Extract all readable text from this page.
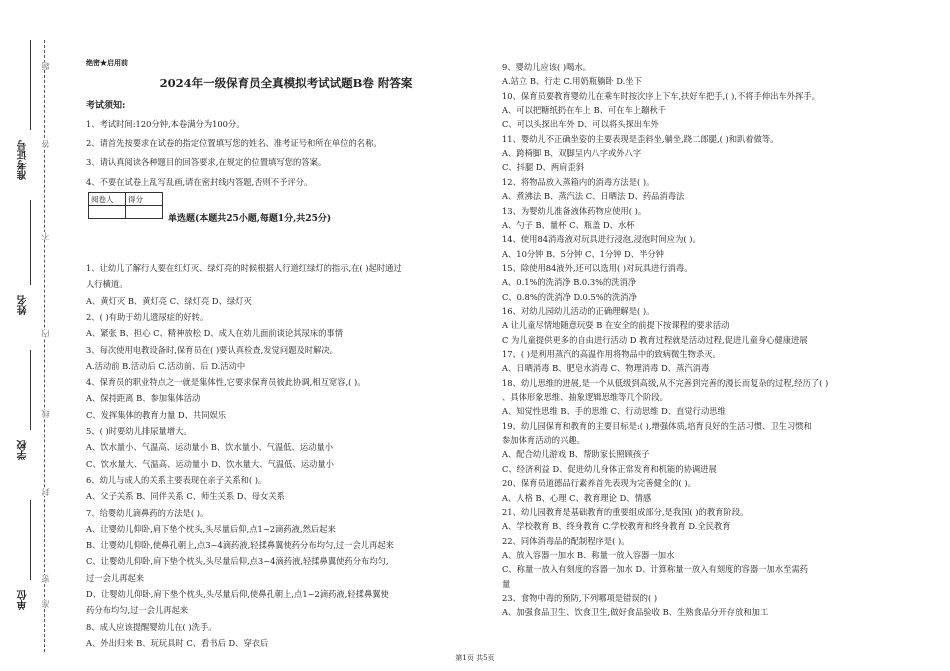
准考证号
姓名
学校
单位
题
答
不
内
线
封
密
准
绝密★启用前
2024年一级保育员全真模拟考试试题B卷 附答案
考试须知:
1、考试时间:120分钟,本卷满分为100分。
2、请首先按要求在试卷的指定位置填写您的姓名、准考证号和所在单位的名称。
3、请认真阅读各种题目的回答要求,在规定的位置填写您的答案。
4、不要在试卷上乱写乱画,请在密封线内答题,否则不予评分。
阅卷人	得分

单选题(本题共25小题,每题1分,共25分)
1、让幼儿了解行人要在红灯灭、绿灯亮的时候根据人行道红绿灯的指示,在( )起时通过
人行横道。
A、黄灯灭 B、黄灯亮 C、绿灯亮 D、绿灯灭
2、( )有助于幼儿遗尿症的好转。
A、紧张 B、担心 C、精神放松 D、成人在幼儿面前谈论其尿床的事情
3、每次使用电教设备时,保育员在( )要认真检查,发觉问题及时解决。
A.活动前 B.活动后 C.活动前、后 D.活动中
4、保育员的职业特点之一就是集体性,它要求保育员彼此协调,相互宽容,( )。
A、保持距离 B、参加集体活动
C、发挥集体的教育力量 D、共同娱乐
5、( )时要幼儿排尿量增大。
A、饮水量小、气温高、运动量小 B、饮水量小、气温低、运动量小
C、饮水量大、气温高、运动量小 D、饮水量大、气温低、运动量小
6、幼儿与成人的关系主要表现在亲子关系和( )。
A、父子关系 B、同伴关系 C、师生关系 D、母女关系
7、给婴幼儿滴鼻药的方法是( )。
A、让婴幼儿仰卧,肩下垫个枕头,头尽量后仰,点1~2滴药液,然后起来
B、让婴幼儿仰卧,使鼻孔朝上,点3~4滴药液,轻揉鼻翼使药分布均匀,过一会儿再起来
C、让婴幼儿仰卧,肩下垫个枕头,头尽量后仰,点3~4滴药液,轻揉鼻翼使药分布均匀,
过一会儿再起来
D、让婴幼儿仰卧,肩下垫个枕头,头尽量后仰,使鼻孔朝上,点1~2滴药液,轻揉鼻翼使
药分布均匀,过一会儿再起来
8、成人应该提醒婴幼儿在( )洗手。
A、外出归来 B、玩玩具时 C、看书后 D、穿衣后
9、婴幼儿应该( )喝水。
A.站立 B、行走 C.用奶瓶躺卧 D.坐下
10、保育员要教育婴幼儿在乘车时按次序上下车,扶好车把手,( ),不将手伸出车外挥手。
A、可以把糖纸扔在车上 B、可在车上蹦秋千
C、可以头探出车外 D、可以将头探出车外
11、婴幼儿不正确坐姿的主要表现是歪斜坐,躺坐,跷二郎腿,( )和趴着做等。
A、跨椅脚 B、双脚呈内八字或外八字
C、抖腿 D、两肩歪斜
12、将物品放入蒸箱内的消毒方法是( )。
A、煮沸法 B、蒸汽法 C、日晒法 D、药品消毒法
13、为婴幼儿准备液体药物应使用( )。
A、勺子 B、量杯 C、瓶盖 D、水杯
14、使用84消毒液对玩具进行浸泡,浸泡时间应为( )。
A、10分钟 B、5分钟 C、1分钟 D、半分钟
15、除使用84液外,还可以选用( )对玩具进行消毒。
A、0.1%的洗消净 B.0.3%的洗消净
C、0.8%的洗消净 D.0.5%的洗消净
16、对幼儿园幼儿活动的正确理解是( )。
A 让儿童尽情地随意玩耍 B 在安全的前提下按课程的要求活动
C 为儿童提供更多的自由进行活动 D 教育过程就是活动过程,促进儿童身心健康进展
17、( )是利用蒸汽的高温作用将物品中的致病微生物杀灭。
A、日晒消毒 B、肥皂水消毒 C、物理消毒 D、蒸汽消毒
18、幼儿思维的进展,是一个从低级到高级,从不完善到完善的漫长而复杂的过程,经历了( )
、具体形象思维、抽象逻辑思维等几个阶段。
A、知觉性思维 B、手的思维 C、行动思维 D、直觉行动思维
19、幼儿园保育和教育的主要目标是:( ),增强体质,培育良好的生活习惯、卫生习惯和
参加体育活动的兴趣。
A、配合幼儿游戏 B、帮助家长照顾孩子
C、经济利益 D、促进幼儿身体正常发育和机能的协调进展
20、保育员道德品行素养首先表现为完善健全的( )。
A、人格 B、心理 C、教育理论 D、情感
21、幼儿园教育是基础教育的重要组成部分,是我国( )的教育阶段。
A、学校教育 B、终身教育 C.学校教育和终身教育 D.全民教育
22、同体消毒品的配制程序是( )。
A、放入容器一加水 B、称量一放入容器一加水
C、称量一放入有刻度的容器一加水 D、计算称量一放入有刻度的容器一加水至需药
量
23、食物中毒的预防,下列哪项是错误的( )
A、加强食品卫生、饮食卫生,做好食品验收 B、生熟食品分开存放和加工
第1页 共5页
